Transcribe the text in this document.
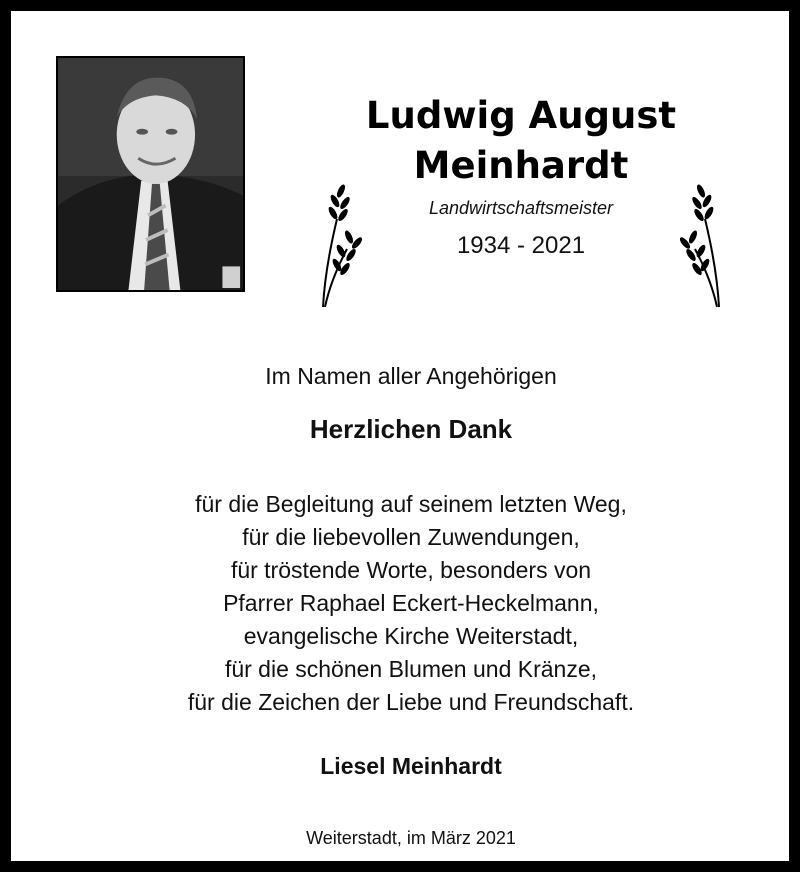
Ludwig August
Meinhardt
Landwirtschaftsmeister
1934 - 2021
Im Namen aller Angehörigen
Herzlichen Dank
für die Begleitung auf seinem letzten Weg,
für die liebevollen Zuwendungen,
für tröstende Worte, besonders von
Pfarrer Raphael Eckert-Heckelmann,
evangelische Kirche Weiterstadt,
für die schönen Blumen und Kränze,
für die Zeichen der Liebe und Freundschaft.
Liesel Meinhardt
Weiterstadt, im März 2021
